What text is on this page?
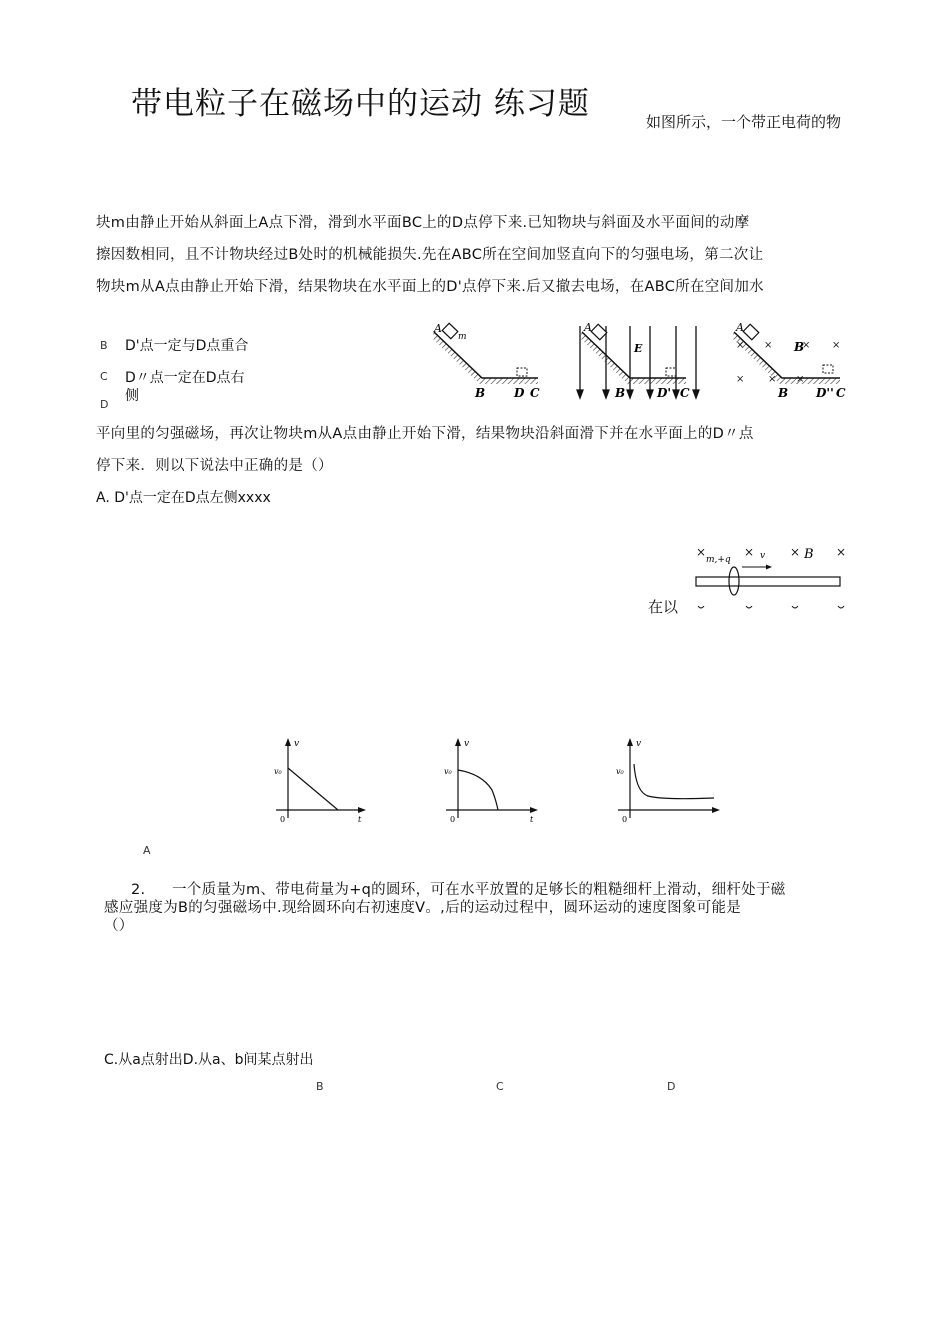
带电粒子在磁场中的运动 练习题	如图所示，一个带正电荷的物
块m由静止开始从斜面上A点下滑，滑到水平面BC上的D点停下来.已知物块与斜面及水平面间的动摩
擦因数相同，且不计物块经过B处时的机械能损失.先在ABC所在空间加竖直向下的匀强电场，第二次让
物块m从A点由静止开始下滑，结果物块在水平面上的D'点停下来.后又撤去电场，在ABC所在空间加水
B D'点一定与D点重合
C D〃点一定在D点右
侧
D
A
m
B D C
A
E
B	D' C
A
× ×	× ×
× × ×
B
B D'' C
平向里的匀强磁场，再次让物块m从A点由静止开始下滑，结果物块沿斜面滑下并在水平面上的D〃点
停下来．则以下说法中正确的是（）
A. D'点一定在D点左侧xxxx
在以
×	×	×	×
m,+q	v	B
v
v₀
0	t
v
v₀
0	t
v
v₀
0
A
2. 一个质量为m、带电荷量为+q的圆环，可在水平放置的足够长的粗糙细杆上滑动，细杆处于磁
感应强度为B的匀强磁场中.现给圆环向右初速度V。,后的运动过程中，圆环运动的速度图象可能是
（）
C.从a点射出D.从a、b间某点射出
B	C	D
